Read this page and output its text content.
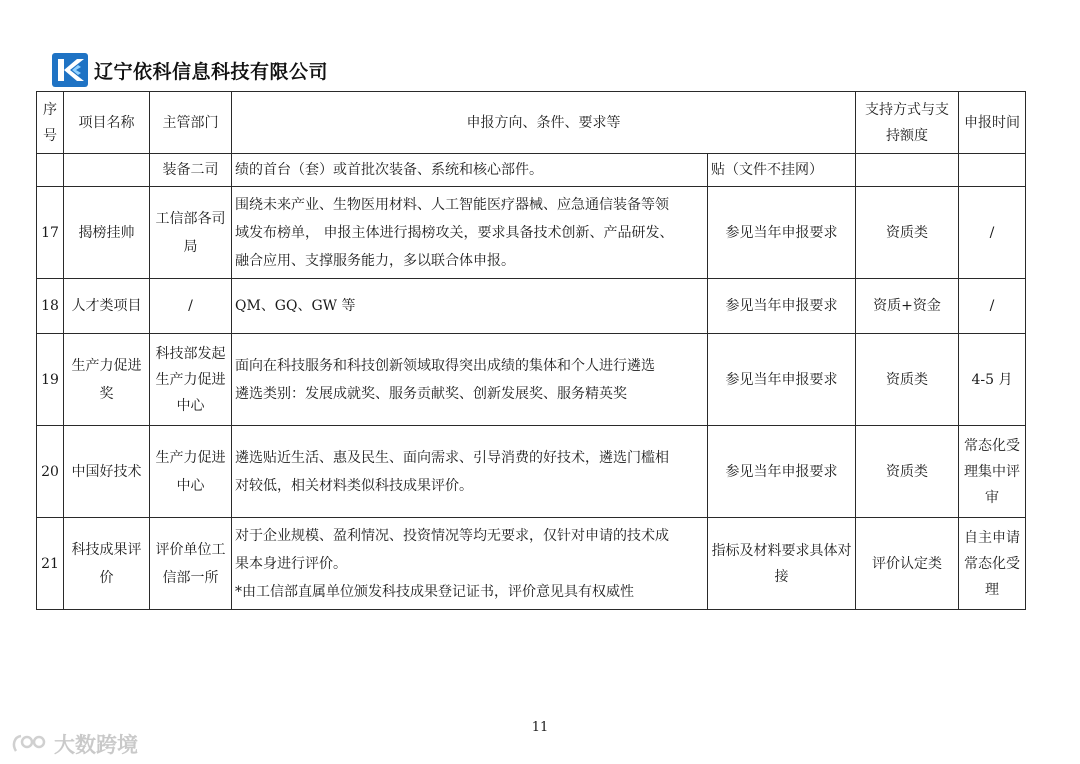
辽宁依科信息科技有限公司
序号	项目名称	主管部门	申报方向、条件、要求等		支持方式与支持额度	申报时间
		装备二司	绩的首台（套）或首批次装备、系统和核心部件。	贴（文件不挂网）		
17	揭榜挂帅	工信部各司局	围绕未来产业、生物医用材料、人工智能医疗器械、应急通信装备等领
域发布榜单， 申报主体进行揭榜攻关，要求具备技术创新、产品研发、
融合应用、支撑服务能力，多以联合体申报。	参见当年申报要求	资质类	/
18	人才类项目	/	QM、GQ、GW 等	参见当年申报要求	资质+资金	/
19	生产力促进奖	科技部发起生产力促进中心	面向在科技服务和科技创新领域取得突出成绩的集体和个人进行遴选
遴选类别：发展成就奖、服务贡献奖、创新发展奖、服务精英奖	参见当年申报要求	资质类	4-5 月
20	中国好技术	生产力促进中心	遴选贴近生活、惠及民生、面向需求、引导消费的好技术，遴选门槛相
对较低，相关材料类似科技成果评价。	参见当年申报要求	资质类	常态化受理集中评审
21	科技成果评价	评价单位工信部一所	对于企业规模、盈利情况、投资情况等均无要求，仅针对申请的技术成
果本身进行评价。
*由工信部直属单位颁发科技成果登记证书，评价意见具有权威性	指标及材料要求具体对接	评价认定类	自主申请常态化受理
11
大数跨境
